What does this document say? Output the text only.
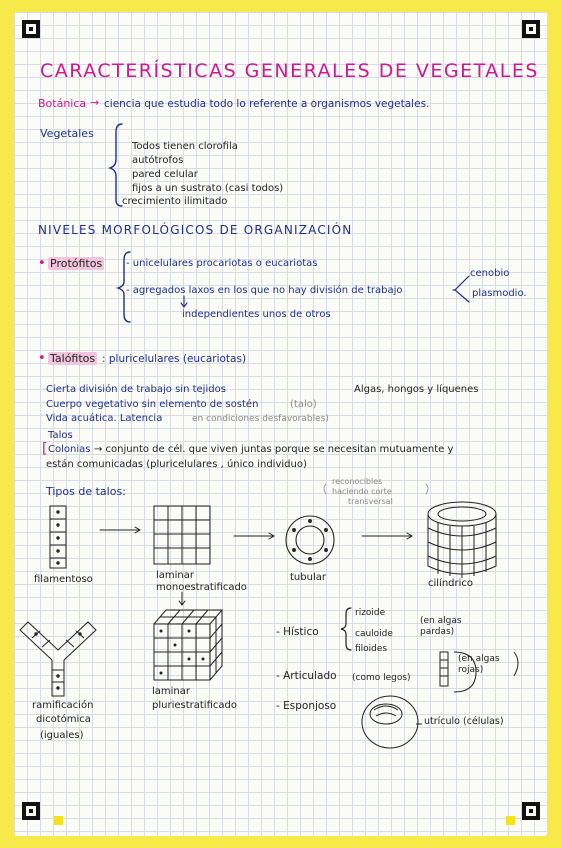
CARACTERÍSTICAS GENERALES DE VEGETALES
Botánica → ciencia que estudia todo lo referente a organismos vegetales.
Vegetales
Todos tienen clorofila
autótrofos
pared celular
fijos a un sustrato (casi todos)
crecimiento ilimitado
NIVELES MORFOLÓGICOS DE ORGANIZACIÓN
• Protófitos - unicelulares procariotas o eucariotas
- agregados laxos en los que no hay división de trabajo
cenobio
plasmodio.
independientes unos de otros
• Talófitos : pluricelulares (eucariotas)
Cierta división de trabajo sin tejidos	Algas, hongos y líquenes
Cuerpo vegetativo sin elemento de sostén	(talo)
Vida acuática. Latencia	en condiciones desfavorables)
Talos
[ Colonias → conjunto de cél. que viven juntas porque se necesitan mutuamente y
están comunicadas (pluricelulares , único individuo)
Tipos de talos:
reconocibles
haciendo corte
transversal
filamentoso	laminar
monoestratificado
tubular
cilíndrico
ramificación
dicotómica
(iguales)
laminar
pluriestratificado
- Hístico
rizoide
cauloide
filoides
(en algas pardas)
- Articulado (como legos)
(en algas rojas)
- Esponjoso
utrículo (células)
